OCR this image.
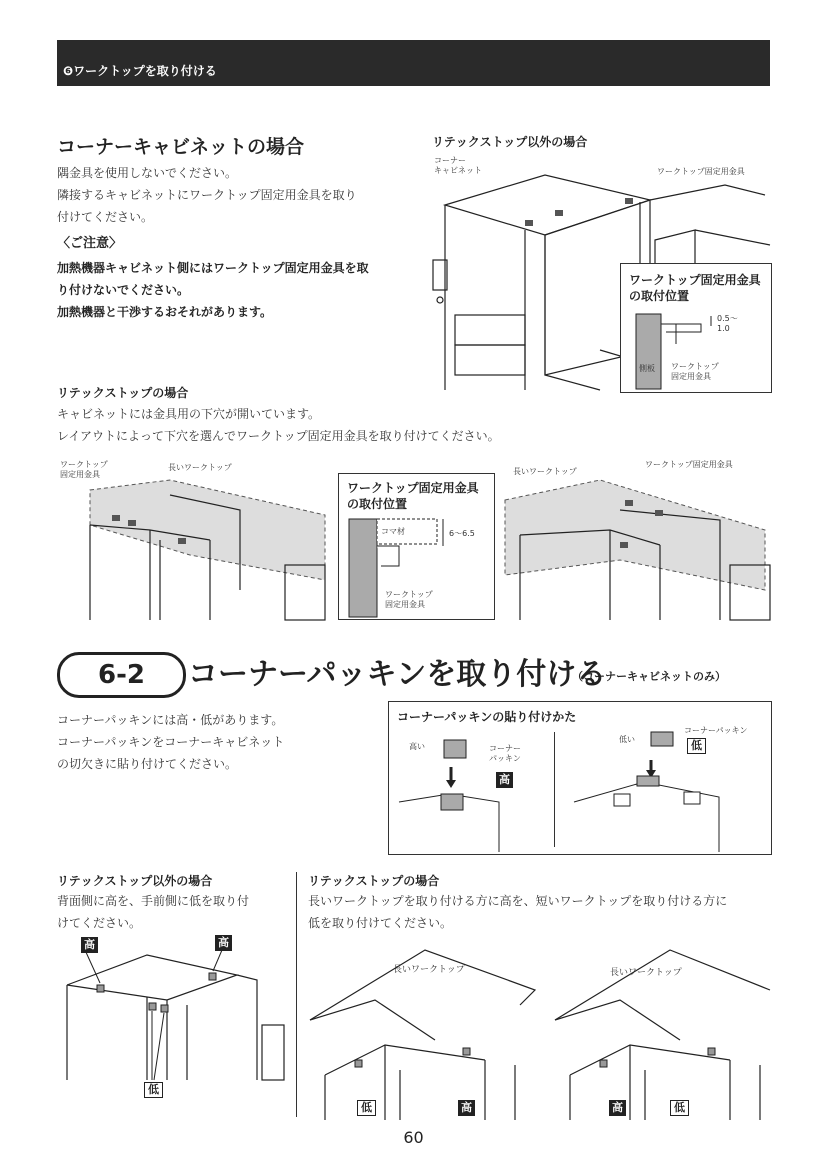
❻ワークトップを取り付ける
コーナーキャビネットの場合
隅金具を使用しないでください。
隣接するキャビネットにワークトップ固定用金具を取り
付けてください。
〈ご注意〉
加熱機器キャビネット側にはワークトップ固定用金具を取
り付けないでください。
加熱機器と干渉するおそれがあります。
リテックストップ以外の場合
コーナー
キャビネット	ワークトップ固定用金具
ワークトップ固定用金具
の取付位置
0.5〜
1.0
側板 ワークトップ
固定用金具
リテックストップの場合
キャビネットには金具用の下穴が開いています。
レイアウトによって下穴を選んでワークトップ固定用金具を取り付けてください。
ワークトップ
固定用金具
長いワークトップ
ワークトップ固定用金具
の取付位置
コマ材	6〜6.5
ワークトップ
固定用金具
長いワークトップ
ワークトップ固定用金具
6-2	コーナーパッキンを取り付ける
（コーナーキャビネットのみ）
コーナーパッキンには高・低があります。
コーナーパッキンをコーナーキャビネット
の切欠きに貼り付けてください。
コーナーパッキンの貼り付けかた
高い	コーナー
パッキン
高
低い
コーナーパッキン
低
リテックストップ以外の場合
背面側に高を、手前側に低を取り付
けてください。
高	高
低
リテックストップの場合
長いワークトップを取り付ける方に高を、短いワークトップを取り付ける方に
低を取り付けてください。
長いワークトップ	長いワークトップ
低	高	高	低
60
